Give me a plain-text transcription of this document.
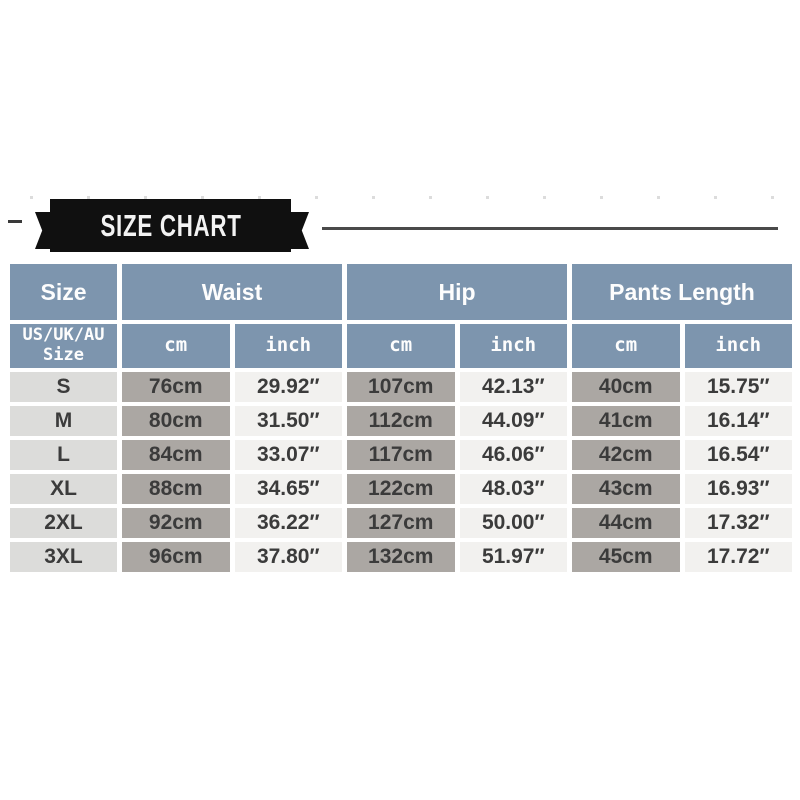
SIZE CHART
Size	Waist		Hip		Pants Length	
US/UK/AU Size	cm	inch	cm	inch	cm	inch
S	76cm	29.92″	107cm	42.13″	40cm	15.75″
M	80cm	31.50″	112cm	44.09″	41cm	16.14″
L	84cm	33.07″	117cm	46.06″	42cm	16.54″
XL	88cm	34.65″	122cm	48.03″	43cm	16.93″
2XL	92cm	36.22″	127cm	50.00″	44cm	17.32″
3XL	96cm	37.80″	132cm	51.97″	45cm	17.72″
